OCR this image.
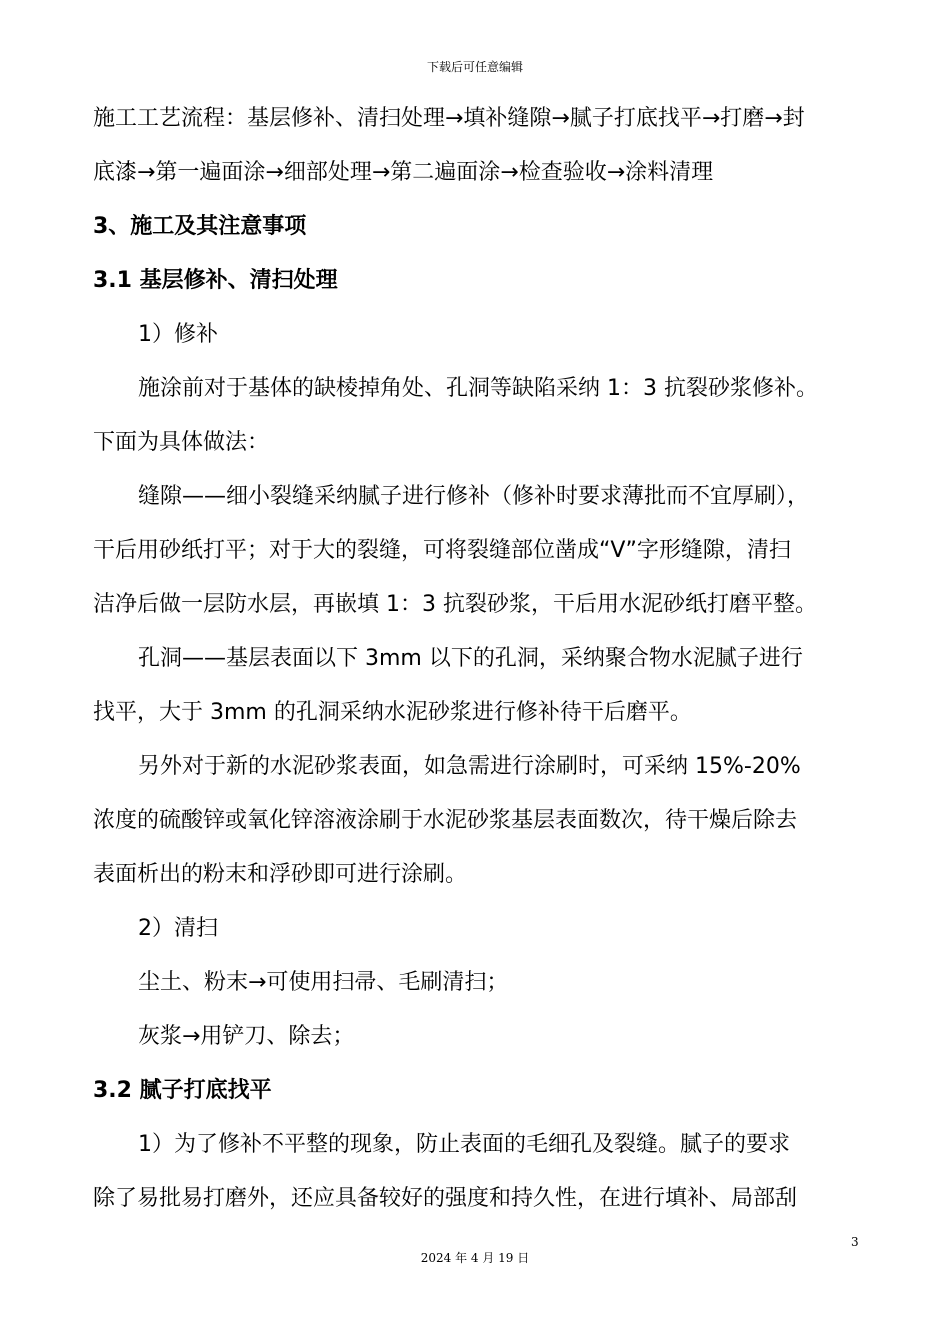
下载后可任意编辑
施工工艺流程：基层修补、清扫处理→填补缝隙→腻子打底找平→打磨→封
底漆→第一遍面涂→细部处理→第二遍面涂→检查验收→涂料清理
3、施工及其注意事项
3.1 基层修补、清扫处理
1）修补
施涂前对于基体的缺棱掉角处、孔洞等缺陷采纳 1：3 抗裂砂浆修补。
下面为具体做法：
缝隙——细小裂缝采纳腻子进行修补（修补时要求薄批而不宜厚刷），
干后用砂纸打平；对于大的裂缝，可将裂缝部位凿成“V”字形缝隙，清扫
洁净后做一层防水层，再嵌填 1：3 抗裂砂浆，干后用水泥砂纸打磨平整。
孔洞——基层表面以下 3mm 以下的孔洞，采纳聚合物水泥腻子进行
找平，大于 3mm 的孔洞采纳水泥砂浆进行修补待干后磨平。
另外对于新的水泥砂浆表面，如急需进行涂刷时，可采纳 15%-20%
浓度的硫酸锌或氧化锌溶液涂刷于水泥砂浆基层表面数次，待干燥后除去
表面析出的粉末和浮砂即可进行涂刷。
2）清扫
尘土、粉末→可使用扫帚、毛刷清扫；
灰浆→用铲刀、除去；
3.2 腻子打底找平
1）为了修补不平整的现象，防止表面的毛细孔及裂缝。腻子的要求
除了易批易打磨外，还应具备较好的强度和持久性，在进行填补、局部刮
3
2024 年 4 月 19 日
